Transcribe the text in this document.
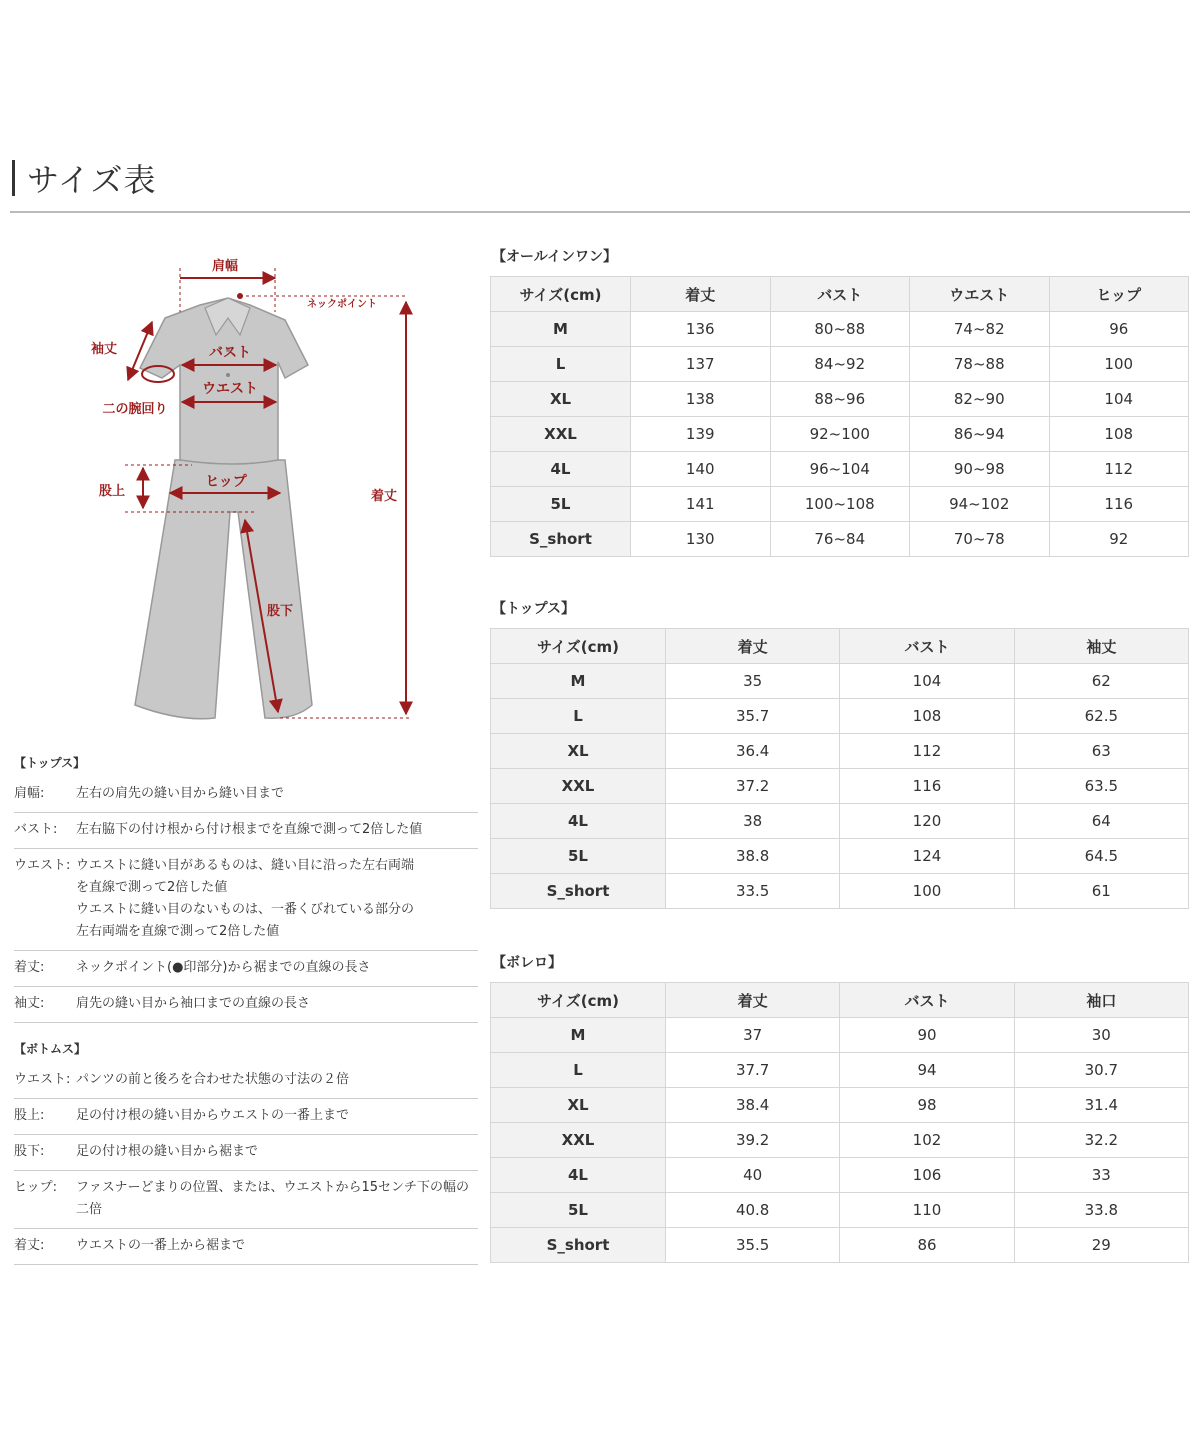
サイズ表
肩幅
ネックポイント
袖丈	バスト
ウエスト
二の腕回り
股上
ヒップ
股下
着丈
【トップス】
肩幅:	左右の肩先の縫い目から縫い目まで
バスト:	左右脇下の付け根から付け根までを直線で測って2倍した値
ウエスト: ウエストに縫い目があるものは、縫い目に沿った左右両端
を直線で測って2倍した値
ウエストに縫い目のないものは、一番くびれている部分の
左右両端を直線で測って2倍した値
着丈:	ネックポイント(●印部分)から裾までの直線の長さ
袖丈:	肩先の縫い目から袖口までの直線の長さ
【ボトムス】
ウエスト: パンツの前と後ろを合わせた状態の寸法の２倍
股上:	足の付け根の縫い目からウエストの一番上まで
股下:	足の付け根の縫い目から裾まで
ヒップ:	ファスナーどまりの位置、または、ウエストから15センチ下の幅の
二倍
着丈:	ウエストの一番上から裾まで
【オールインワン】
サイズ(cm)	着丈	バスト	ウエスト	ヒップ
M	136	80~88	74~82	96
L	137	84~92	78~88	100
XL	138	88~96	82~90	104
XXL	139	92~100	86~94	108
4L	140	96~104	90~98	112
5L	141	100~108	94~102	116
S_short	130	76~84	70~78	92
【トップス】
サイズ(cm)	着丈	バスト	袖丈
M	35	104	62
L	35.7	108	62.5
XL	36.4	112	63
XXL	37.2	116	63.5
4L	38	120	64
5L	38.8	124	64.5
S_short	33.5	100	61
【ボレロ】
サイズ(cm)	着丈	バスト	袖口
M	37	90	30
L	37.7	94	30.7
XL	38.4	98	31.4
XXL	39.2	102	32.2
4L	40	106	33
5L	40.8	110	33.8
S_short	35.5	86	29
